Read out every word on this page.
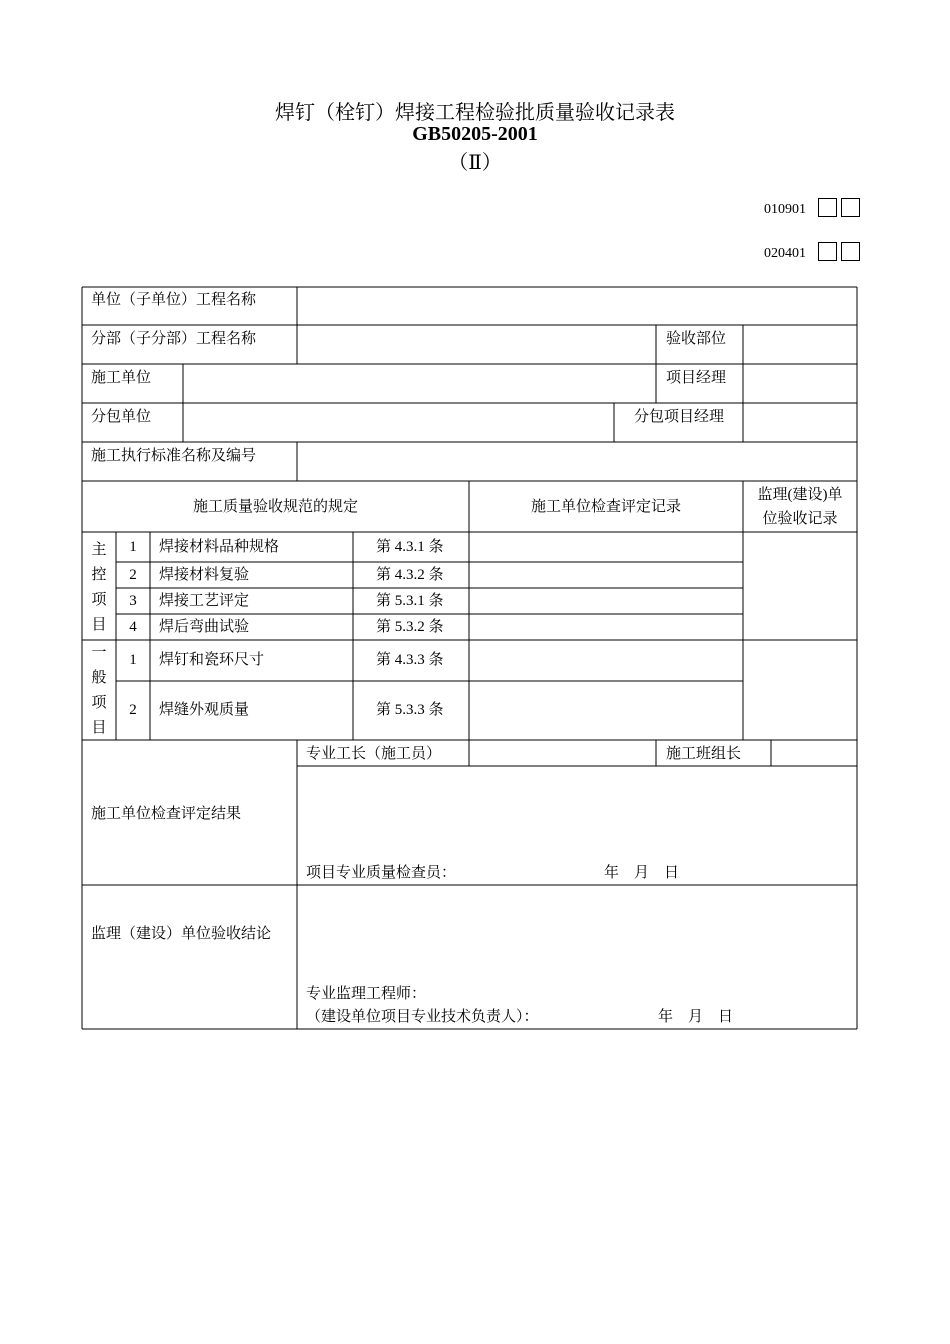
焊钉（栓钉）焊接工程检验批质量验收记录表
GB50205-2001
（Ⅱ）
010901
020401
单位（子单位）工程名称
分部（子分部）工程名称	验收部位
施工单位	项目经理
分包单位	分包项目经理
施工执行标准名称及编号
施工质量验收规范的规定	施工单位检查评定记录
监理(建设)单
位验收记录
主
控
项
目
1	焊接材料品种规格	第 4.3.1 条
2	焊接材料复验	第 4.3.2 条
3	焊接工艺评定	第 5.3.1 条
4	焊后弯曲试验	第 5.3.2 条
一
般
项
目
1	焊钉和瓷环尺寸	第 4.3.3 条
2	焊缝外观质量	第 5.3.3 条
专业工长（施工员）	施工班组长
施工单位检查评定结果
项目专业质量检查员：	年　月　日
监理（建设）单位验收结论
专业监理工程师：
（建设单位项目专业技术负责人）：	年　月　日
